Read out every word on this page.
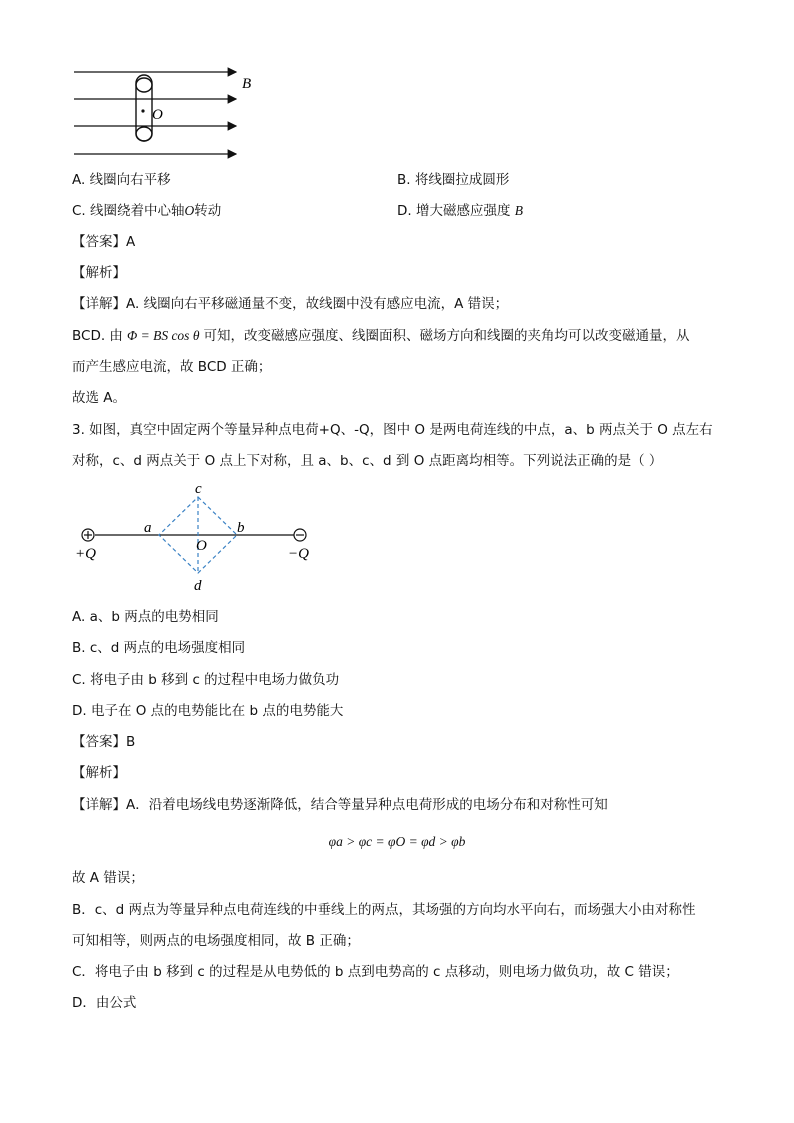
O
B
A. 线圈向右平移	B. 将线圈拉成圆形
C. 线圈绕着中心轴O转动	D. 增大磁感应强度 B
【答案】A
【解析】
【详解】A. 线圈向右平移磁通量不变，故线圈中没有感应电流，A 错误；
BCD. 由 Φ = BS cos θ 可知，改变磁感应强度、线圈面积、磁场方向和线圈的夹角均可以改变磁通量，从
而产生感应电流，故 BCD 正确；
故选 A。
3. 如图，真空中固定两个等量异种点电荷+Q、-Q，图中 O 是两电荷连线的中点，a、b 两点关于 O 点左右
对称，c、d 两点关于 O 点上下对称，且 a、b、c、d 到 O 点距离均相等。下列说法正确的是（ ）
+Q	−Q
a	b
c
d
O
A. a、b 两点的电势相同
B. c、d 两点的电场强度相同
C. 将电子由 b 移到 c 的过程中电场力做负功
D. 电子在 O 点的电势能比在 b 点的电势能大
【答案】B
【解析】
【详解】A．沿着电场线电势逐渐降低，结合等量异种点电荷形成的电场分布和对称性可知
φa > φc = φO = φd > φb
故 A 错误；
B．c、d 两点为等量异种点电荷连线的中垂线上的两点，其场强的方向均水平向右，而场强大小由对称性
可知相等，则两点的电场强度相同，故 B 正确；
C．将电子由 b 移到 c 的过程是从电势低的 b 点到电势高的 c 点移动，则电场力做负功，故 C 错误；
D．由公式
